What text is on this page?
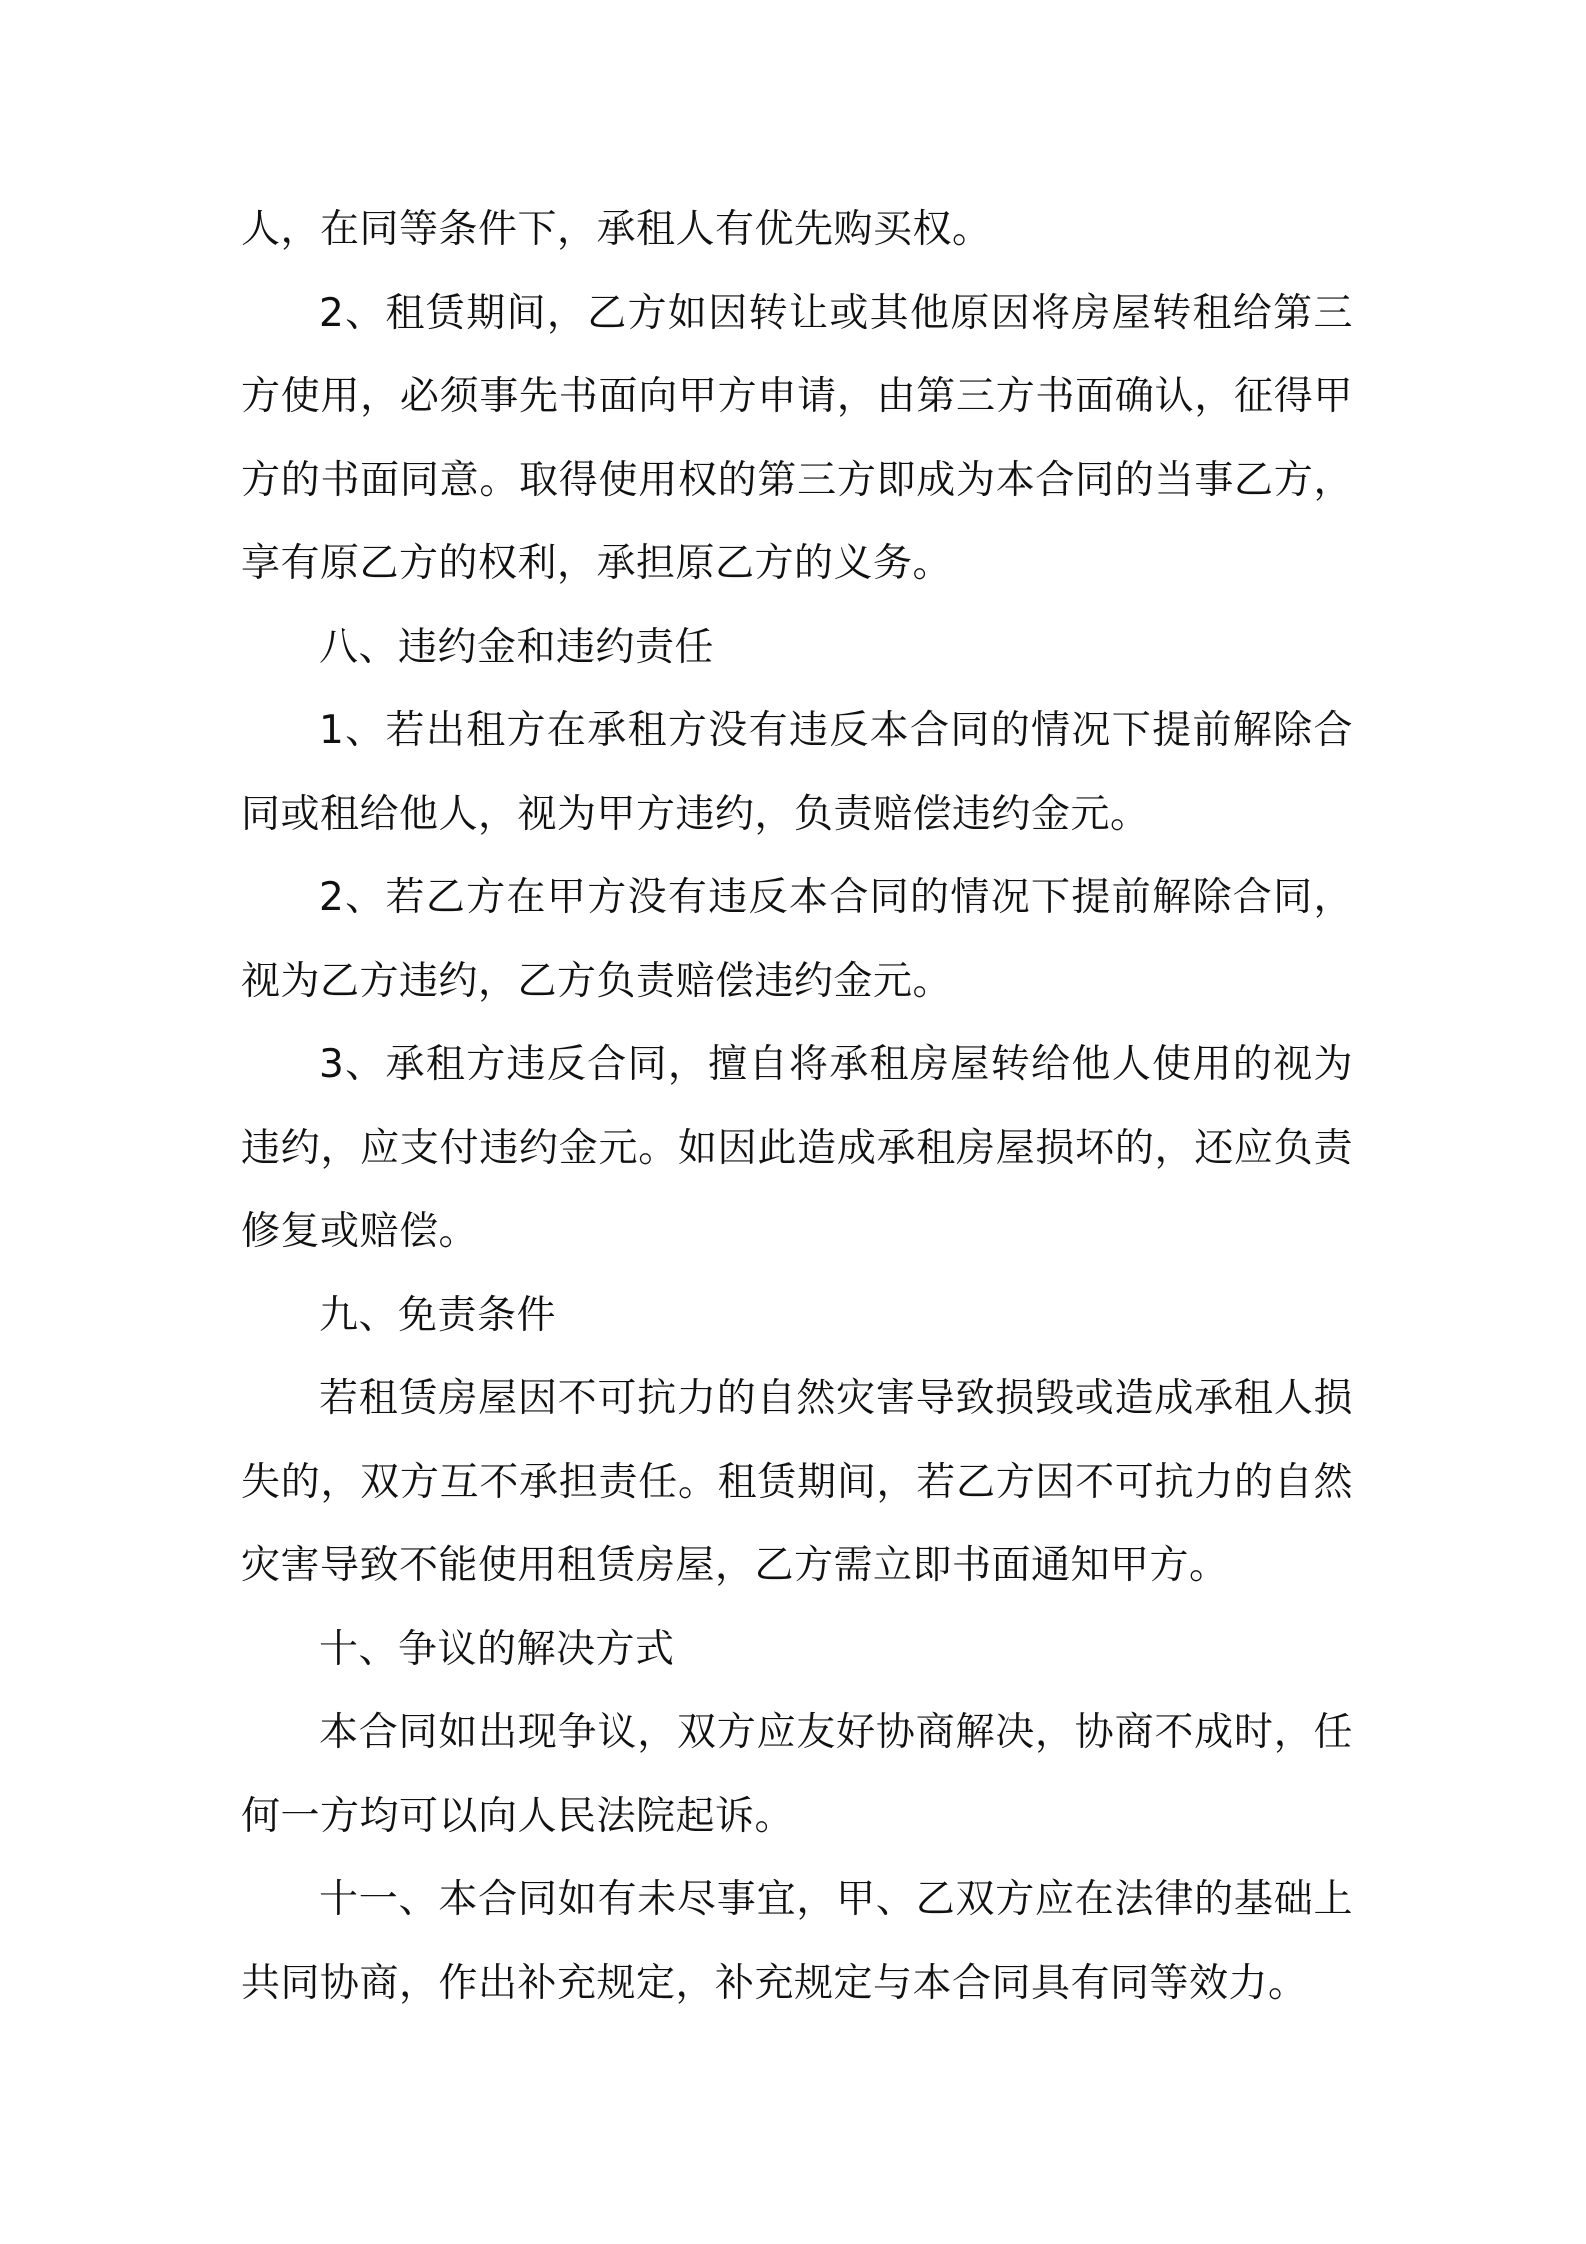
人，在同等条件下，承租人有优先购买权。

2、租赁期间，乙方如因转让或其他原因将房屋转租给第三方使用，必须事先书面向甲方申请，由第三方书面确认，征得甲方的书面同意。取得使用权的第三方即成为本合同的当事乙方，享有原乙方的权利，承担原乙方的义务。

八、违约金和违约责任

1、若出租方在承租方没有违反本合同的情况下提前解除合同或租给他人，视为甲方违约，负责赔偿违约金元。

2、若乙方在甲方没有违反本合同的情况下提前解除合同，视为乙方违约，乙方负责赔偿违约金元。

3、承租方违反合同，擅自将承租房屋转给他人使用的视为违约，应支付违约金元。如因此造成承租房屋损坏的，还应负责修复或赔偿。

九、免责条件

若租赁房屋因不可抗力的自然灾害导致损毁或造成承租人损失的，双方互不承担责任。租赁期间，若乙方因不可抗力的自然灾害导致不能使用租赁房屋，乙方需立即书面通知甲方。

十、争议的解决方式

本合同如出现争议，双方应友好协商解决，协商不成时，任何一方均可以向人民法院起诉。

十一、本合同如有未尽事宜，甲、乙双方应在法律的基础上共同协商，作出补充规定，补充规定与本合同具有同等效力。
